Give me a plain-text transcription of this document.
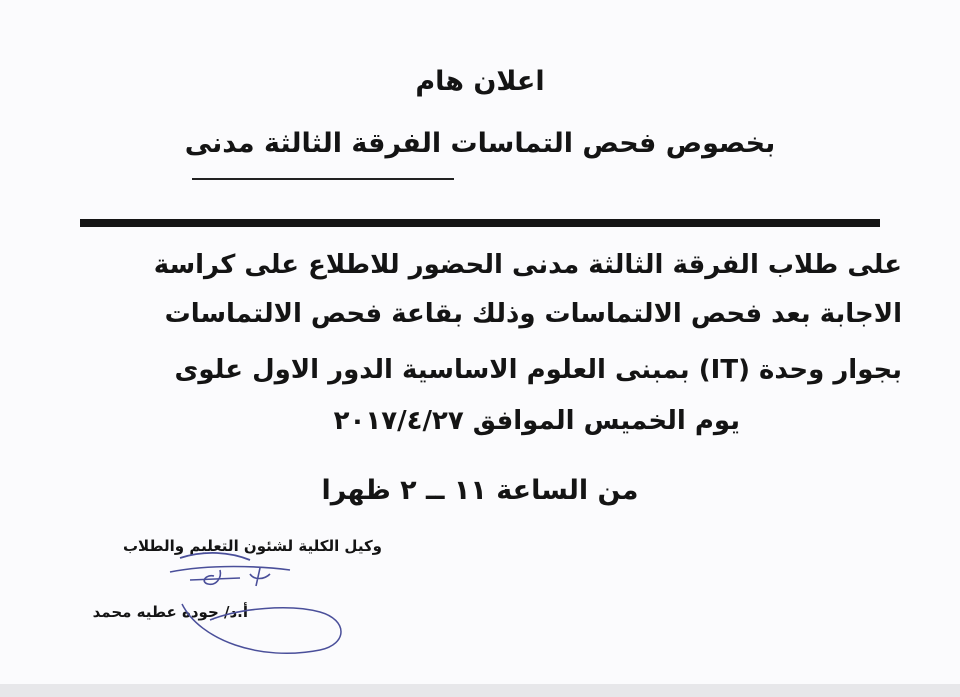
اعلان هام
بخصوص فحص التماسات الفرقة الثالثة مدنى
على طلاب الفرقة الثالثة مدنى الحضور للاطلاع على كراسة
الاجابة بعد فحص الالتماسات وذلك بقاعة فحص الالتماسات
بجوار وحدة (IT) بمبنى العلوم الاساسية الدور الاول علوى
يوم الخميس الموافق ٢٠١٧/٤/٢٧
من الساعة ١١ ــ ٢ ظهرا
وكيل الكلية لشئون التعليم والطلاب
أ.د/ جوده عطيه محمد
